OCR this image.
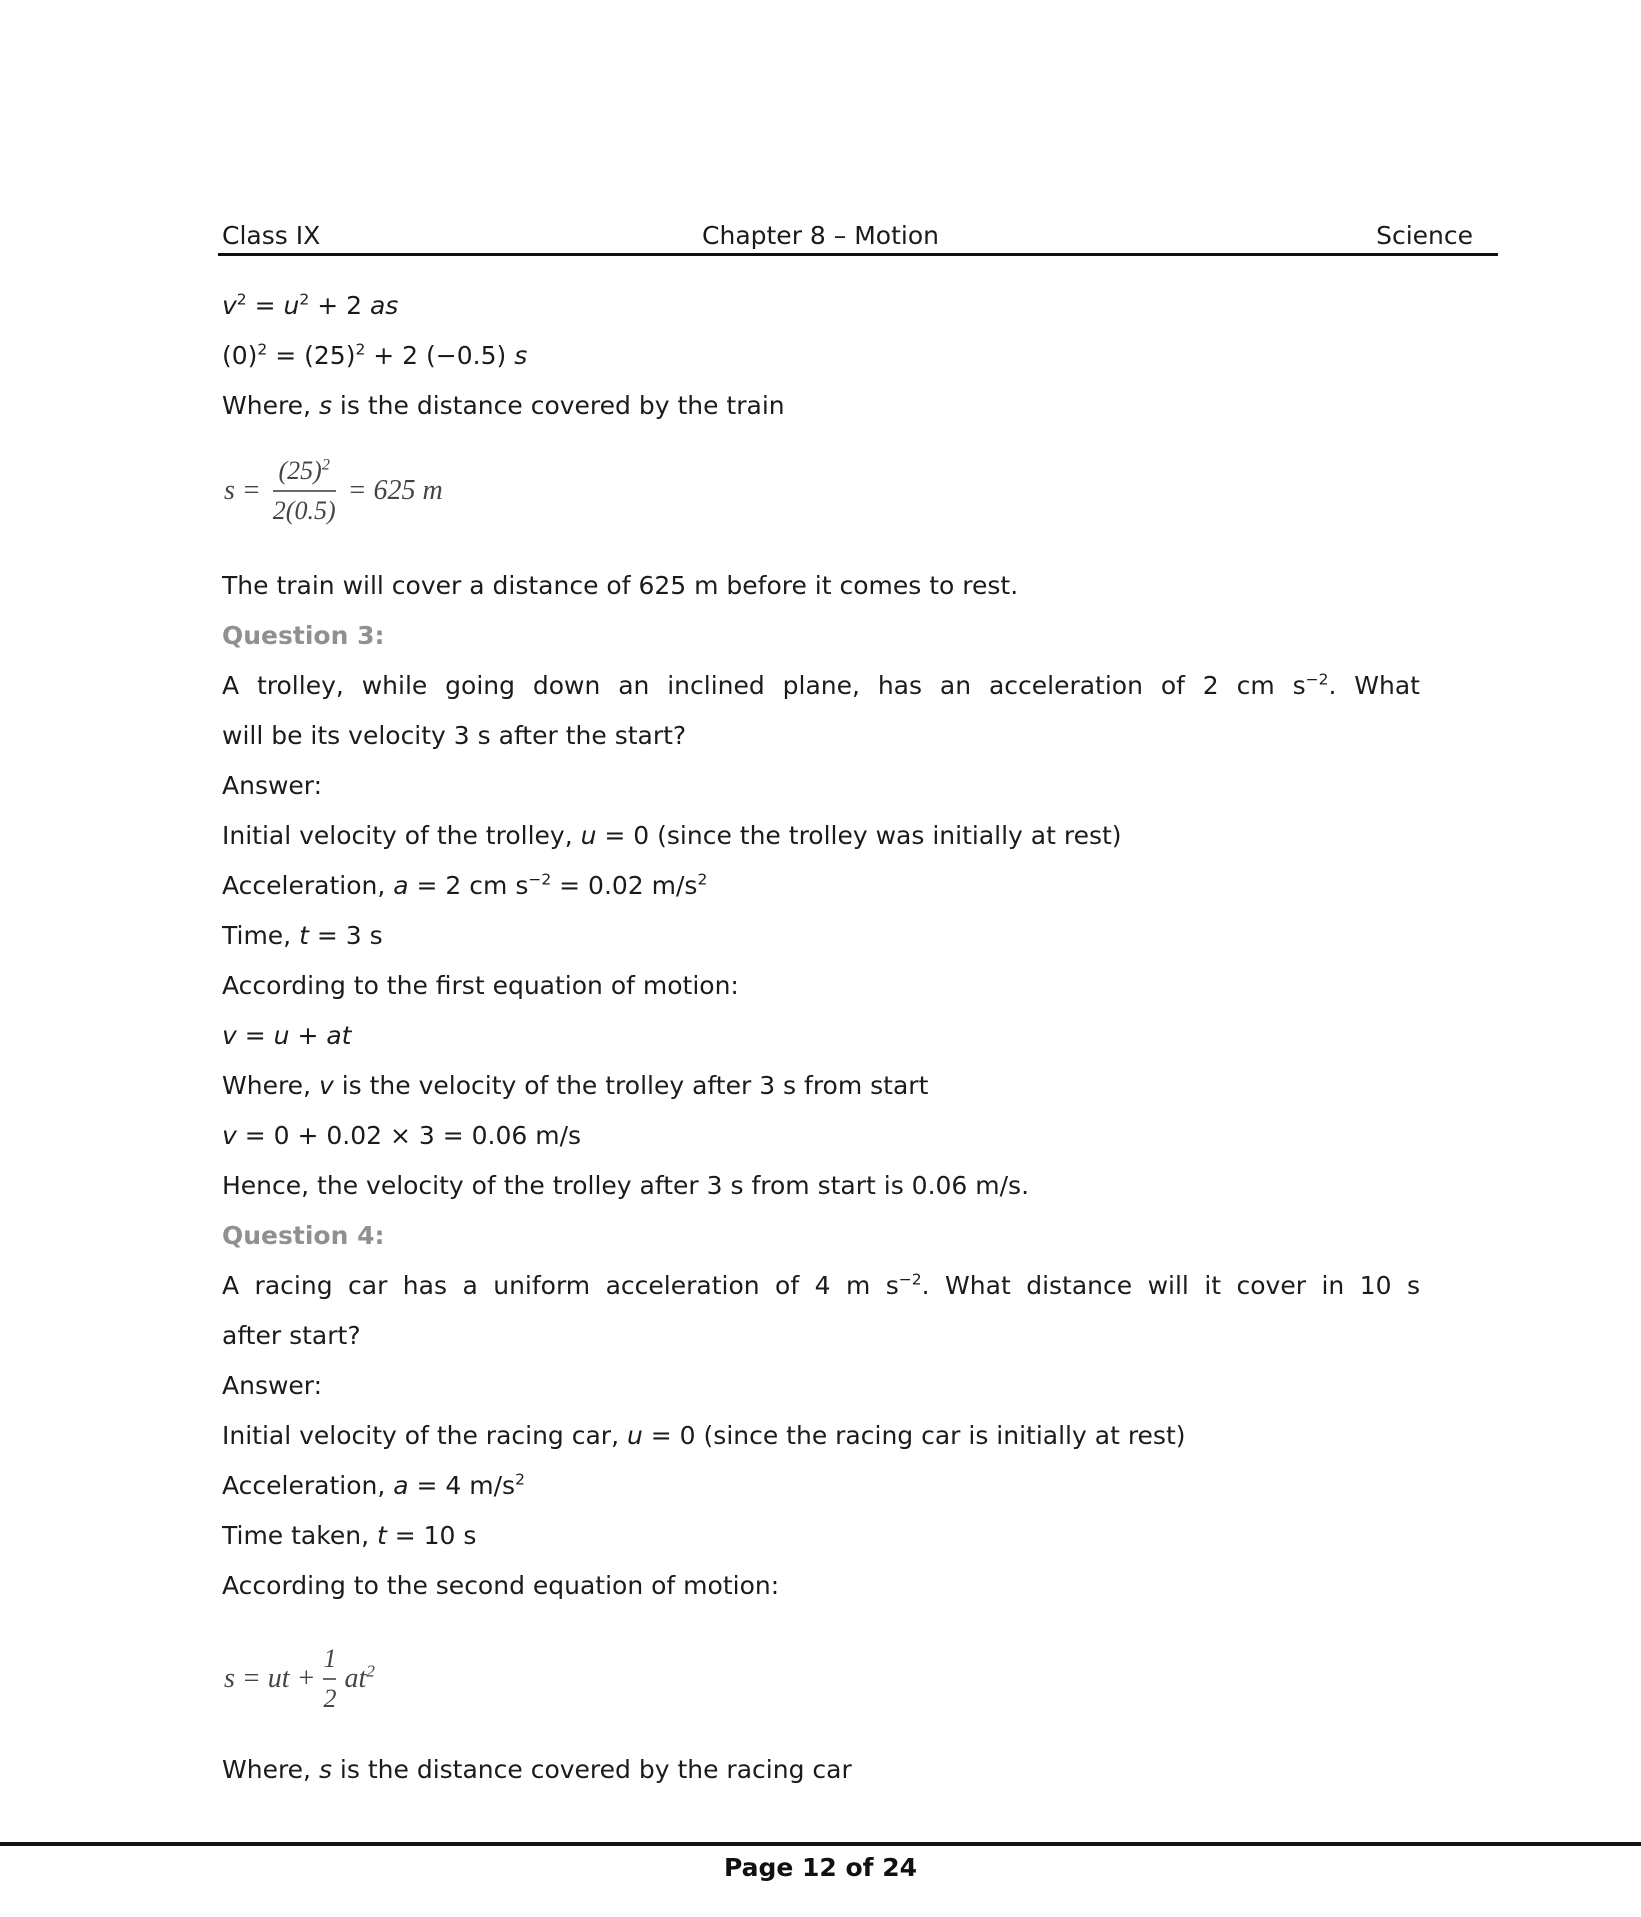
Class IX	Chapter 8 – Motion	Science

$v^2 = u^2 + 2$ as

$(0)^2 = (25)^2 + 2$ (−0.5) s

Where, s is the distance covered by the train

$s = \frac{(25)^2}{2(0.5)} = 625$ m

The train will cover a distance of 625 m before it comes to rest.

Question 3:

A trolley, while going down an inclined plane, has an acceleration of 2 cm $s^{-2}$. What

will be its velocity 3 s after the start?

Answer:

Initial velocity of the trolley, u = 0 (since the trolley was initially at rest)

Acceleration, a = 2 cm $s^{-2} = 0.02$ $m/s^2$

Time, t = 3 s

According to the first equation of motion:

v = u + at

Where, v is the velocity of the trolley after 3 s from start

v = 0 + 0.02 × 3 = 0.06 m/s

Hence, the velocity of the trolley after 3 s from start is 0.06 m/s.

Question 4:

A racing car has a uniform acceleration of 4 m $s^{-2}$. What distance will it cover in 10 s

after start?

Answer:

Initial velocity of the racing car, u = 0 (since the racing car is initially at rest)

Acceleration, a = 4 $m/s^2$

Time taken, t = 10 s

According to the second equation of motion:

s = ut + $\frac{1}{2} at^2$

Where, s is the distance covered by the racing car

Page 12 of 24
